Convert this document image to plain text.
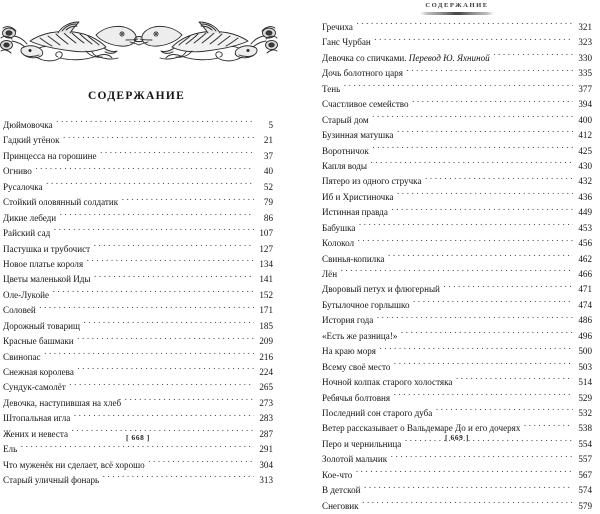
СОДЕРЖАНИЕ
Дюймовочка . . .	5
Гадкий утёнок . . .	21
Принцесса на горошине . . .	37
Огниво . . .	40
Русалочка . . .	52
Стойкий оловянный солдатик . . .	79
Дикие лебеди . . .	86
Райский сад . . .	107
Пастушка и трубочист . . .	127
Новое платье короля . . .	134
Цветы маленькой Иды . . .	141
Оле-Лукойе . . .	152
Соловей . . .	171
Дорожный товарищ . . .	185
Красные башмаки . . .	209
Свинопас . . .	216
Снежная королева . . .	224
Сундук-самолёт . . .	265
Девочка, наступившая на хлеб . . .	273
Штопальная игла . . .	283
Жених и невеста . . .	287
Ель . . .	291
Что муженёк ни сделает, всё хорошо . . .	304
Старый уличный фонарь . . .	313
[ 668 ]
СОДЕРЖАНИЕ
Гречиха . . .	321
Ганс Чурбан . . .	323
Девочка со спичками. Перевод Ю. Яхниной . . .	330
Дочь болотного царя . . .	335
Тень . . .	377
Счастливое семейство . . .	394
Старый дом . . .	400
Бузинная матушка . . .	412
Воротничок . . .	425
Капля воды . . .	430
Пятеро из одного стручка . . .	432
Иб и Христиночка . . .	436
Истинная правда . . .	449
Бабушка . . .	453
Колокол . . .	456
Свинья-копилка . . .	462
Лён . . .	466
Дворовый петух и флюгерный . . .	471
Бутылочное горлышко . . .	474
История года . . .	486
«Есть же разница!» . . .	496
На краю моря . . .	500
Всему своё место . . .	503
Ночной колпак старого холостяка . . .	514
Ребячья болтовня . . .	529
Последний сон старого дуба . . .	532
Ветер рассказывает о Вальдемаре До и его дочерях . . .	538
Перо и чернильница . . .	554
Золотой мальчик . . .	557
Кое-что . . .	567
В детской . . .	574
Снеговик . . .	579
[ 669 ]
